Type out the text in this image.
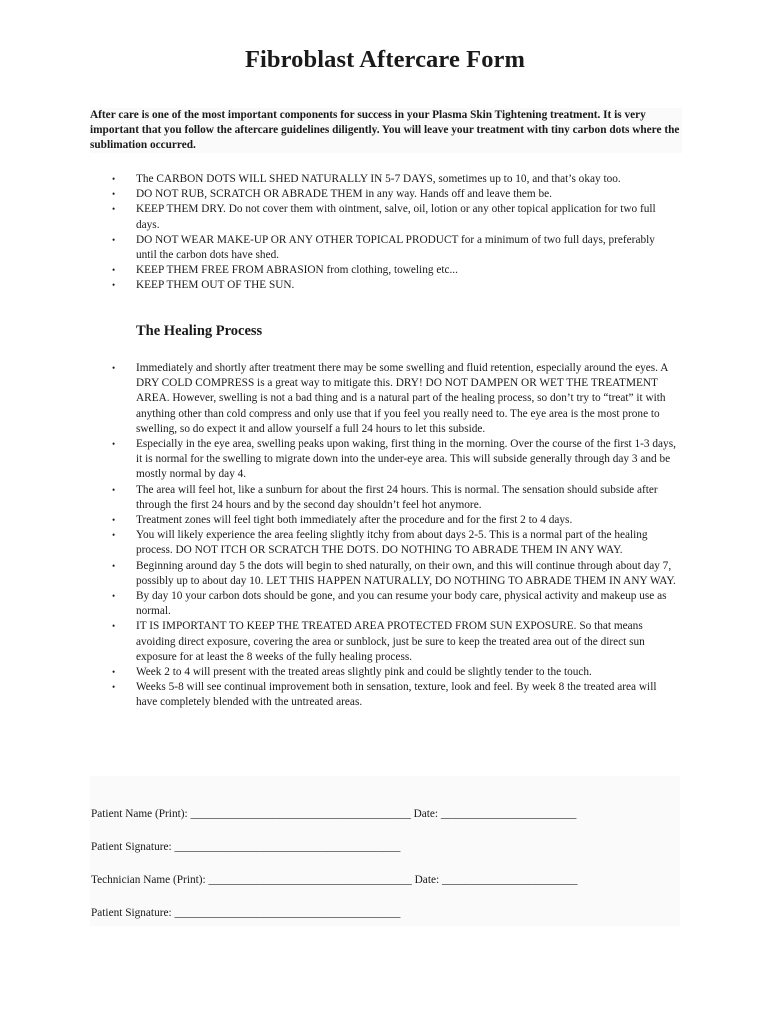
Fibroblast Aftercare Form
After care is one of the most important components for success in your Plasma Skin Tightening treatment. It is very important that you follow the aftercare guidelines diligently. You will leave your treatment with tiny carbon dots where the sublimation occurred.
• The CARBON DOTS WILL SHED NATURALLY IN 5-7 DAYS, sometimes up to 10, and that’s okay too.
• DO NOT RUB, SCRATCH OR ABRADE THEM in any way. Hands off and leave them be.
• KEEP THEM DRY. Do not cover them with ointment, salve, oil, lotion or any other topical application for two full days.
• DO NOT WEAR MAKE-UP OR ANY OTHER TOPICAL PRODUCT for a minimum of two full days, preferably until the carbon dots have shed.
• KEEP THEM FREE FROM ABRASION from clothing, toweling etc...
• KEEP THEM OUT OF THE SUN.
The Healing Process
• Immediately and shortly after treatment there may be some swelling and fluid retention, especially around the eyes. A DRY COLD COMPRESS is a great way to mitigate this. DRY! DO NOT DAMPEN OR WET THE TREATMENT AREA. However, swelling is not a bad thing and is a natural part of the healing process, so don’t try to “treat” it with anything other than cold compress and only use that if you feel you really need to. The eye area is the most prone to swelling, so do expect it and allow yourself a full 24 hours to let this subside.
• Especially in the eye area, swelling peaks upon waking, first thing in the morning. Over the course of the first 1-3 days, it is normal for the swelling to migrate down into the under-eye area. This will subside generally through day 3 and be mostly normal by day 4.
• The area will feel hot, like a sunburn for about the first 24 hours. This is normal. The sensation should subside after through the first 24 hours and by the second day shouldn’t feel hot anymore.
• Treatment zones will feel tight both immediately after the procedure and for the first 2 to 4 days.
• You will likely experience the area feeling slightly itchy from about days 2-5. This is a normal part of the healing process. DO NOT ITCH OR SCRATCH THE DOTS. DO NOTHING TO ABRADE THEM IN ANY WAY.
• Beginning around day 5 the dots will begin to shed naturally, on their own, and this will continue through about day 7, possibly up to about day 10. LET THIS HAPPEN NATURALLY, DO NOTHING TO ABRADE THEM IN ANY WAY.
• By day 10 your carbon dots should be gone, and you can resume your body care, physical activity and makeup use as normal.
• IT IS IMPORTANT TO KEEP THE TREATED AREA PROTECTED FROM SUN EXPOSURE. So that means avoiding direct exposure, covering the area or sunblock, just be sure to keep the treated area out of the direct sun exposure for at least the 8 weeks of the fully healing process.
• Week 2 to 4 will present with the treated areas slightly pink and could be slightly tender to the touch.
• Weeks 5-8 will see continual improvement both in sensation, texture, look and feel. By week 8 the treated area will have completely blended with the untreated areas.
Patient Name (Print): _______________________________________ Date: ________________________
Patient Signature: ________________________________________
Technician Name (Print): ____________________________________ Date: ________________________
Patient Signature: ________________________________________
